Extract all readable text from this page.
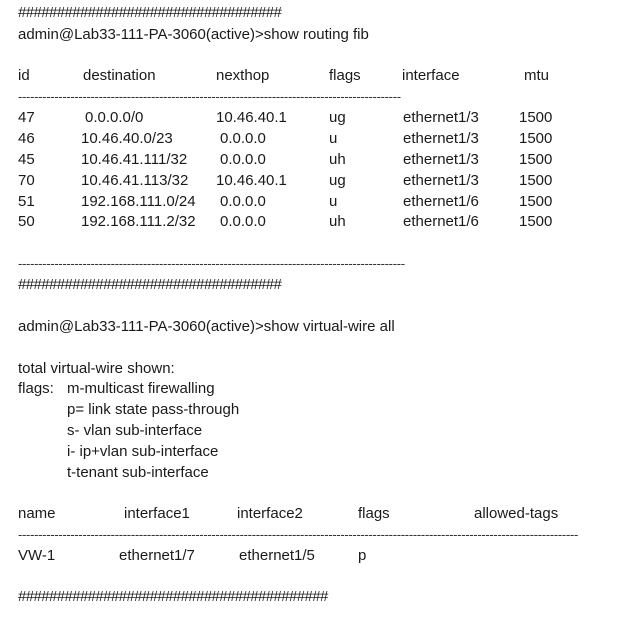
##################################
admin@Lab33-111-PA-3060(active)>show routing fib
id	destination	nexthop	flags	interface	mtu
-----------------------------------------------------------------------------------------------
47	0.0.0.0/0	10.46.40.1	ug	ethernet1/3	1500
46	10.46.40.0/23	0.0.0.0	u	ethernet1/3	1500
45	10.46.41.111/32 0.0.0.0	uh	ethernet1/3	1500
70	10.46.41.113/32 10.46.40.1	ug	ethernet1/3	1500
51	192.168.111.0/24 0.0.0.0	u	ethernet1/6	1500
50	192.168.111.2/32 0.0.0.0	uh	ethernet1/6	1500
------------------------------------------------------------------------------------------------
##################################
admin@Lab33-111-PA-3060(active)>show virtual-wire all
total virtual-wire shown:
flags: m-multicast firewalling
p= link state pass-through
s- vlan sub-interface
i- ip+vlan sub-interface
t-tenant sub-interface
name	interface1	interface2	flags	allowed-tags
-------------------------------------------------------------------------------------------------------------------------------------------
VW-1	ethernet1/7	ethernet1/5	p
########################################
